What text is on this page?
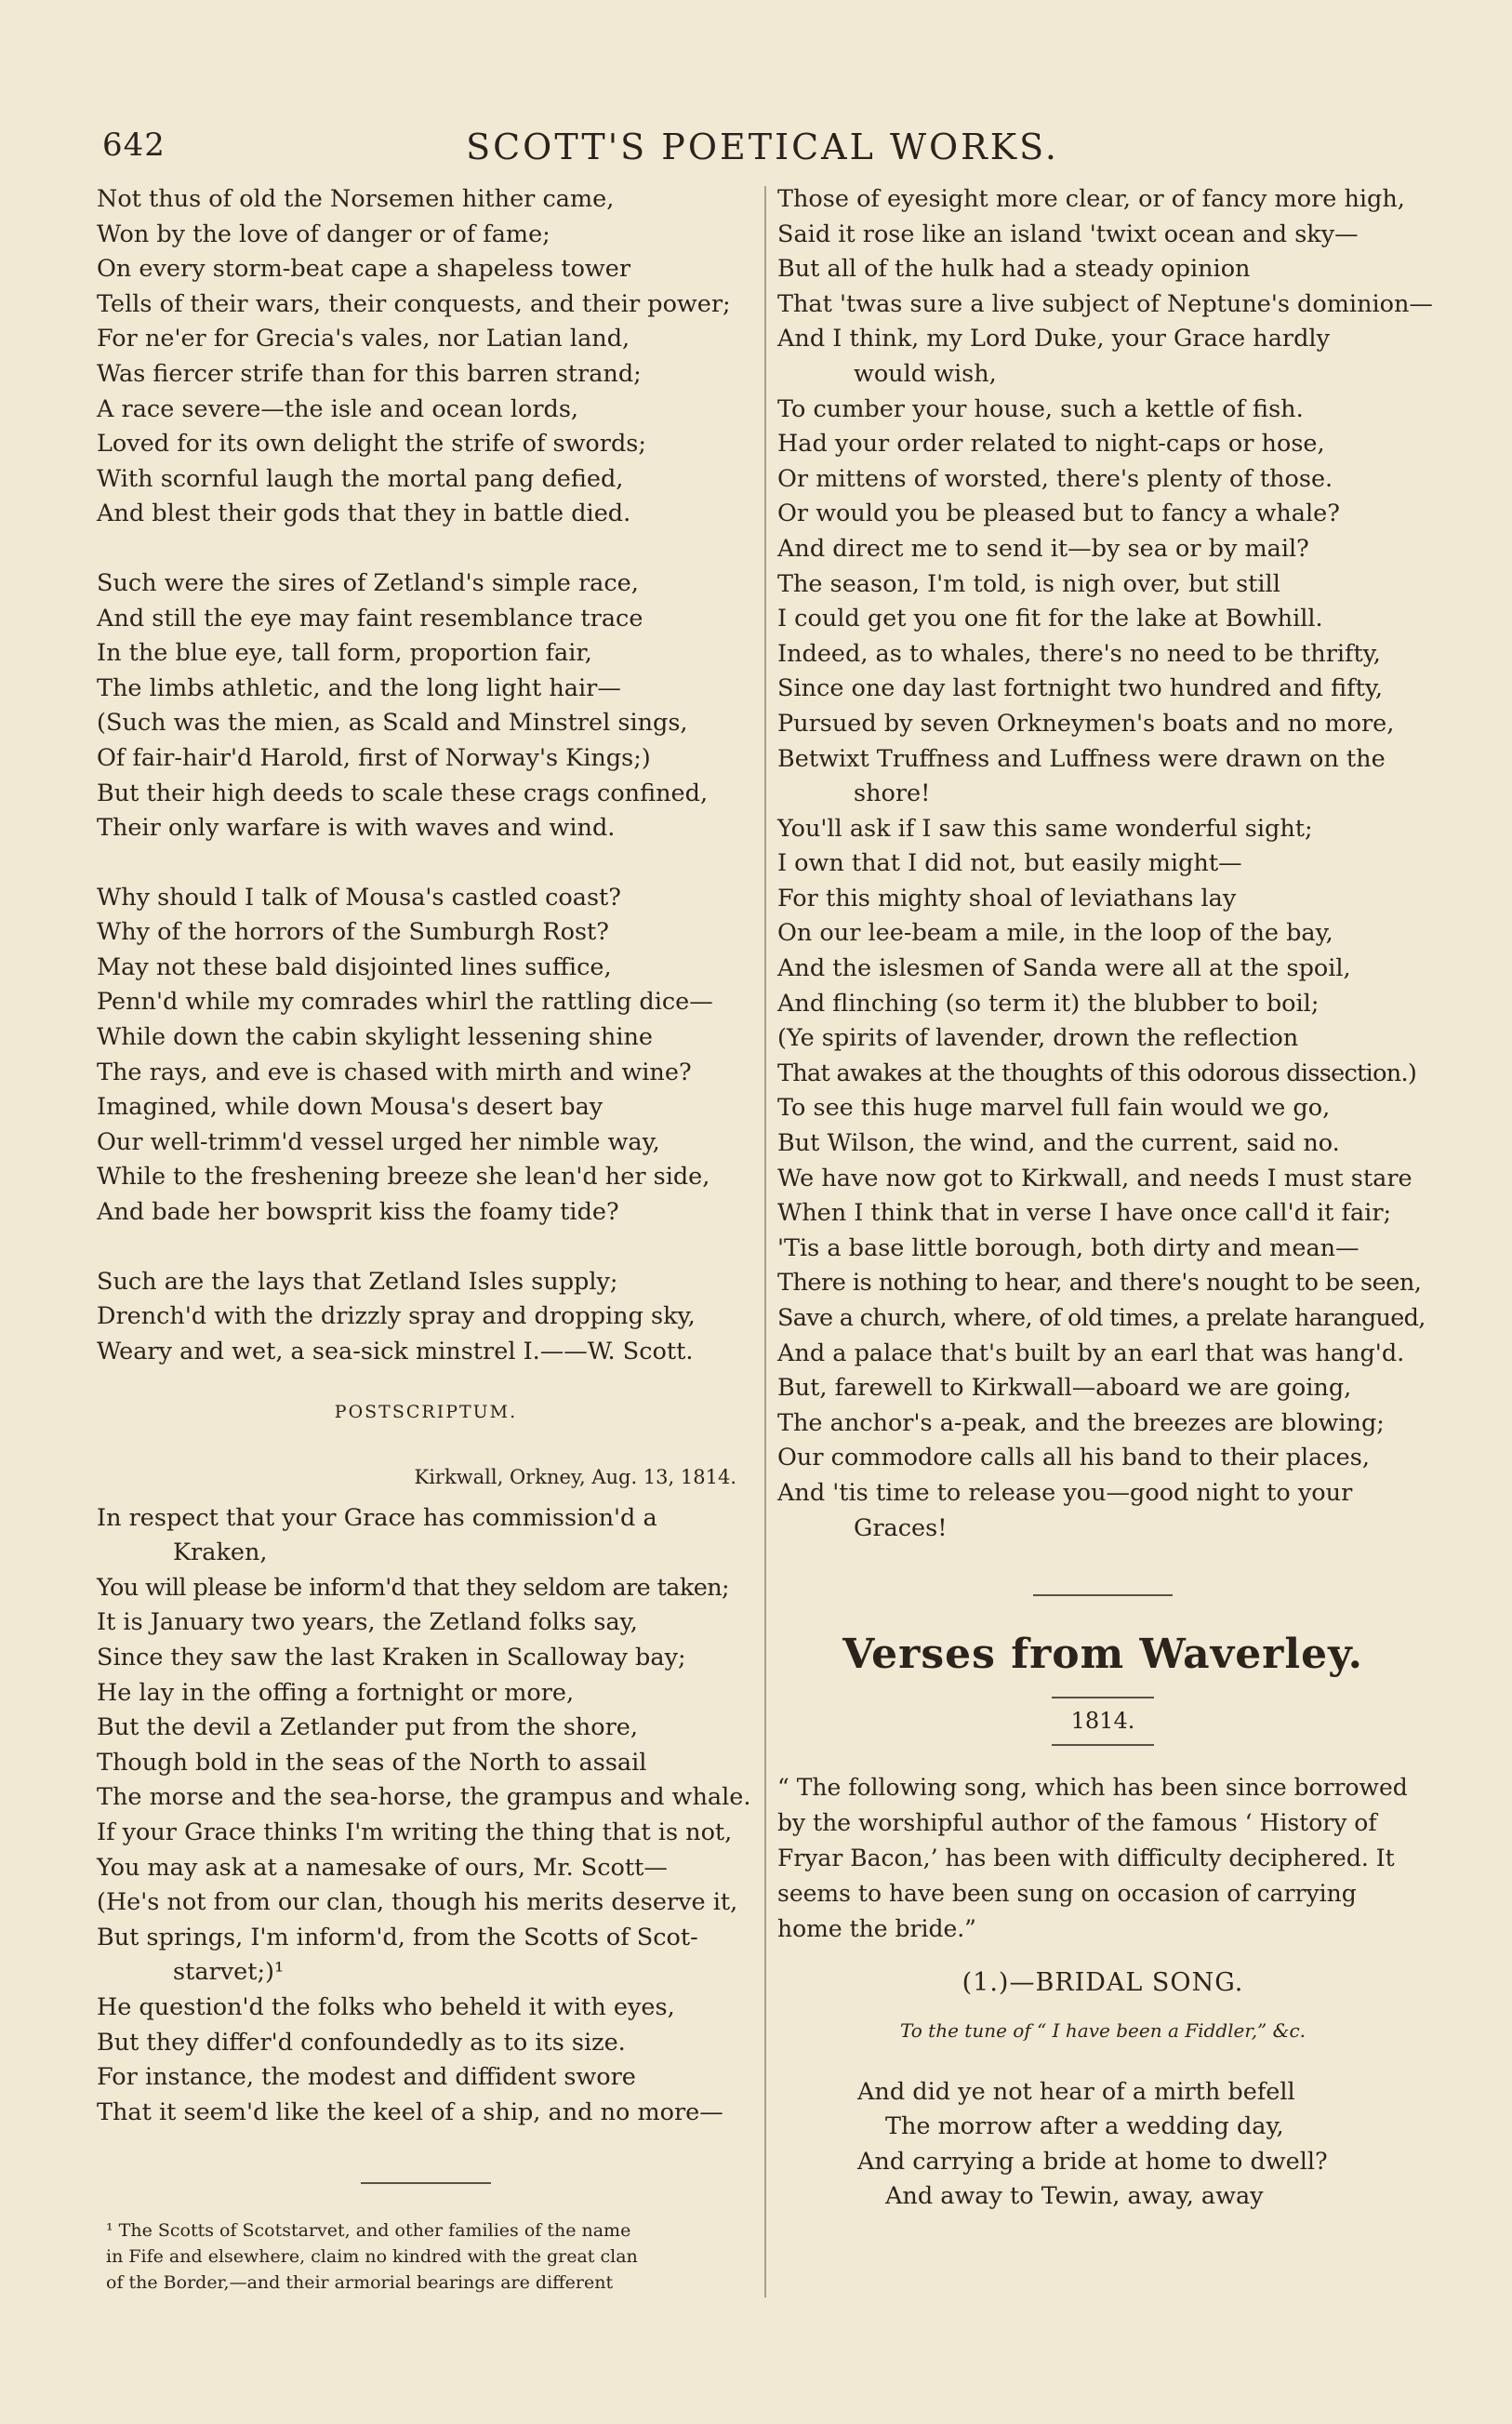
642	SCOTT'S POETICAL WORKS.
Not thus of old the Norsemen hither came,
Won by the love of danger or of fame;
On every storm-beat cape a shapeless tower
Tells of their wars, their conquests, and their power;
For ne'er for Grecia's vales, nor Latian land,
Was fiercer strife than for this barren strand;
A race severe—the isle and ocean lords,
Loved for its own delight the strife of swords;
With scornful laugh the mortal pang defied,
And blest their gods that they in battle died.
Such were the sires of Zetland's simple race,
And still the eye may faint resemblance trace
In the blue eye, tall form, proportion fair,
The limbs athletic, and the long light hair—
(Such was the mien, as Scald and Minstrel sings,
Of fair-hair'd Harold, first of Norway's Kings;)
But their high deeds to scale these crags confined,
Their only warfare is with waves and wind.
Why should I talk of Mousa's castled coast?
Why of the horrors of the Sumburgh Rost?
May not these bald disjointed lines suffice,
Penn'd while my comrades whirl the rattling dice—
While down the cabin skylight lessening shine
The rays, and eve is chased with mirth and wine?
Imagined, while down Mousa's desert bay
Our well-trimm'd vessel urged her nimble way,
While to the freshening breeze she lean'd her side,
And bade her bowsprit kiss the foamy tide?
Such are the lays that Zetland Isles supply;
Drench'd with the drizzly spray and dropping sky,
Weary and wet, a sea-sick minstrel I.——W. Scott.
POSTSCRIPTUM.
Kirkwall, Orkney, Aug. 13, 1814.
In respect that your Grace has commission'd a
Kraken,
You will please be inform'd that they seldom are taken;
It is January two years, the Zetland folks say,
Since they saw the last Kraken in Scalloway bay;
He lay in the offing a fortnight or more,
But the devil a Zetlander put from the shore,
Though bold in the seas of the North to assail
The morse and the sea-horse, the grampus and whale.
If your Grace thinks I'm writing the thing that is not,
You may ask at a namesake of ours, Mr. Scott—
(He's not from our clan, though his merits deserve it,
But springs, I'm inform'd, from the Scotts of Scot-
starvet;)¹
He question'd the folks who beheld it with eyes,
But they differ'd confoundedly as to its size.
For instance, the modest and diffident swore
That it seem'd like the keel of a ship, and no more—
¹ The Scotts of Scotstarvet, and other families of the name
in Fife and elsewhere, claim no kindred with the great clan
of the Border,—and their armorial bearings are different
Those of eyesight more clear, or of fancy more high,
Said it rose like an island 'twixt ocean and sky—
But all of the hulk had a steady opinion
That 'twas sure a live subject of Neptune's dominion—
And I think, my Lord Duke, your Grace hardly
would wish,
To cumber your house, such a kettle of fish.
Had your order related to night-caps or hose,
Or mittens of worsted, there's plenty of those.
Or would you be pleased but to fancy a whale?
And direct me to send it—by sea or by mail?
The season, I'm told, is nigh over, but still
I could get you one fit for the lake at Bowhill.
Indeed, as to whales, there's no need to be thrifty,
Since one day last fortnight two hundred and fifty,
Pursued by seven Orkneymen's boats and no more,
Betwixt Truffness and Luffness were drawn on the
shore!
You'll ask if I saw this same wonderful sight;
I own that I did not, but easily might—
For this mighty shoal of leviathans lay
On our lee-beam a mile, in the loop of the bay,
And the islesmen of Sanda were all at the spoil,
And flinching (so term it) the blubber to boil;
(Ye spirits of lavender, drown the reflection
That awakes at the thoughts of this odorous dissection.)
To see this huge marvel full fain would we go,
But Wilson, the wind, and the current, said no.
We have now got to Kirkwall, and needs I must stare
When I think that in verse I have once call'd it fair;
'Tis a base little borough, both dirty and mean—
There is nothing to hear, and there's nought to be seen,
Save a church, where, of old times, a prelate harangued,
And a palace that's built by an earl that was hang'd.
But, farewell to Kirkwall—aboard we are going,
The anchor's a-peak, and the breezes are blowing;
Our commodore calls all his band to their places,
And 'tis time to release you—good night to your
Graces!
Verses from Waverley.
1814.
“ The following song, which has been since borrowed by the worshipful author of the famous ‘ History of Fryar Bacon,’ has been with difficulty deciphered. It seems to have been sung on occasion of carrying home the bride.”
(1.)—BRIDAL SONG.
To the tune of “ I have been a Fiddler,” &c.
And did ye not hear of a mirth befell
The morrow after a wedding day,
And carrying a bride at home to dwell?
And away to Tewin, away, away
